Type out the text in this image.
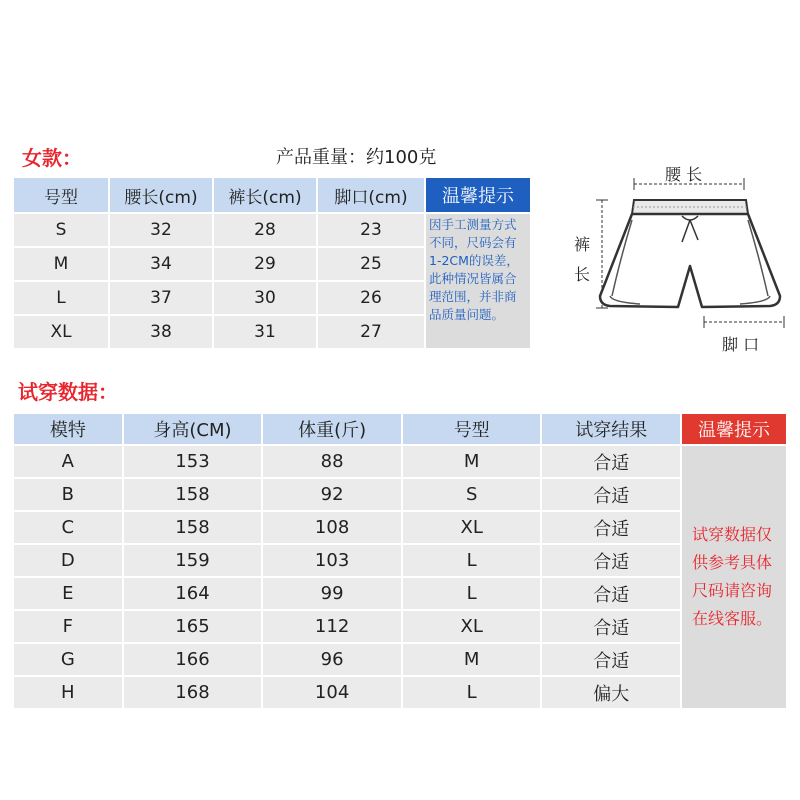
女款：	产品重量：约100克
号型	腰长(cm)	裤长(cm)	脚口(cm)	温馨提示
S	32	28	23	因手工测量方式不同，尺码会有1-2CM的误差，此种情况皆属合理范围，并非商品质量问题。
M	34	29	25	
L	37	30	26	
XL	38	31	27	
腰 长
裤
长
脚 口
试穿数据：
模特	身高(CM)	体重(斤)	号型	试穿结果	温馨提示
A	153	88	M	合适	试穿数据仅供参考具体尺码请咨询在线客服。

B	158	92	S	合适	
C	158	108	XL	合适	
D	159	103	L	合适	
E	164	99	L	合适	
F	165	112	XL	合适	
G	166	96	M	合适	
H	168	104	L	偏大	
